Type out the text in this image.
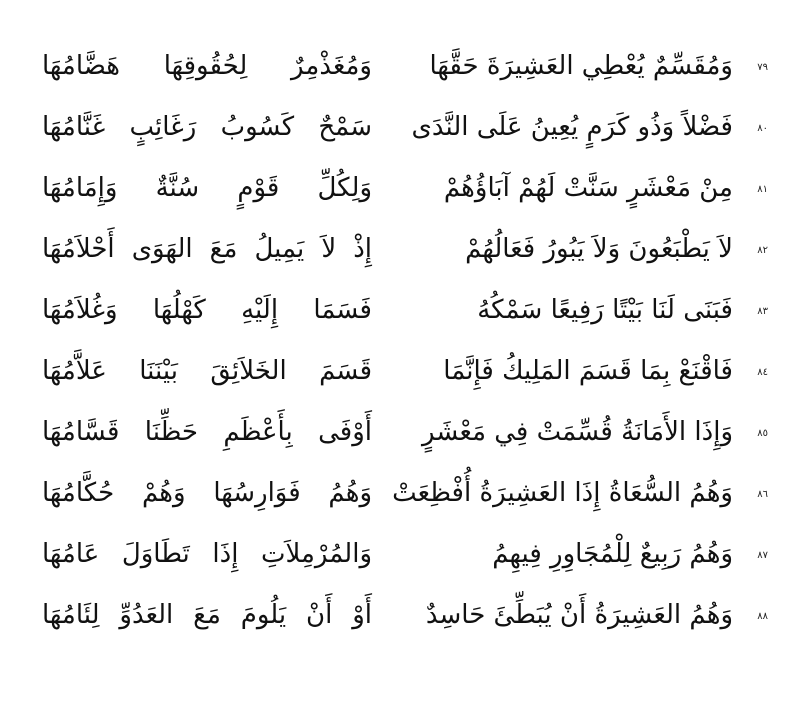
٧٩
وَمُقَسِّمٌ يُعْطِي العَشِيرَةَ حَقَّهَا
وَمُغَذْمِرٌ لِحُقُوقِهَا هَضَّامُهَا
٨٠
فَضْلاً وَذُو كَرَمٍ يُعِينُ عَلَى النَّدَى
سَمْحٌ كَسُوبُ رَغَائِبٍ غَنَّامُهَا
٨١
مِنْ مَعْشَرٍ سَنَّتْ لَهُمْ آبَاؤُهُمْ
وَلِكُلِّ قَوْمٍ سُنَّةٌ وَإِمَامُهَا
٨٢
لاَ يَطْبَعُونَ وَلاَ يَبُورُ فَعَالُهُمْ
إِذْ لاَ يَمِيلُ مَعَ الهَوَى أَحْلاَمُهَا
٨٣
فَبَنَى لَنَا بَيْتًا رَفِيعًا سَمْكُهُ
فَسَمَا إِلَيْهِ كَهْلُهَا وَغُلاَمُهَا
٨٤
فَاقْنَعْ بِمَا قَسَمَ المَلِيكُ فَإِنَّمَا
قَسَمَ الخَلاَئِقَ بَيْنَنَا عَلاَّمُهَا
٨٥
وَإِذَا الأَمَانَةُ قُسِّمَتْ فِي مَعْشَرٍ
أَوْفَى بِأَعْظَمِ حَظِّنَا قَسَّامُهَا
٨٦
وَهُمُ السُّعَاةُ إِذَا العَشِيرَةُ أُفْظِعَتْ
وَهُمُ فَوَارِسُهَا وَهُمْ حُكَّامُهَا
٨٧
وَهُمُ رَبِيعٌ لِلْمُجَاوِرِ فِيهِمُ
وَالمُرْمِلاَتِ إِذَا تَطَاوَلَ عَامُهَا
٨٨
وَهُمُ العَشِيرَةُ أَنْ يُبَطِّئَ حَاسِدٌ
أَوْ أَنْ يَلُومَ مَعَ العَدُوِّ لِئَامُهَا
